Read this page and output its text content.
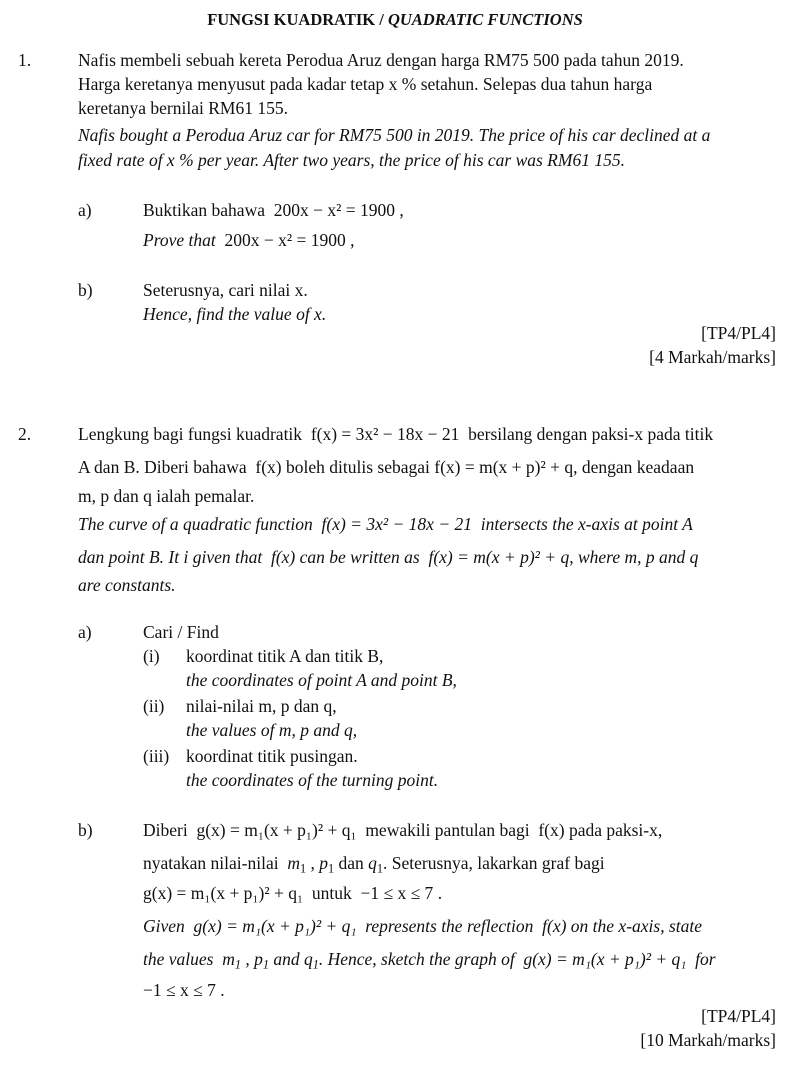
FUNGSI KUADRATIK / QUADRATIC FUNCTIONS
1.	Nafis membeli sebuah kereta Perodua Aruz dengan harga RM75 500 pada tahun 2019.
Harga keretanya menyusut pada kadar tetap x % setahun. Selepas dua tahun harga
keretanya bernilai RM61 155.
Nafis bought a Perodua Aruz car for RM75 500 in 2019. The price of his car declined at a
fixed rate of x % per year. After two years, the price of his car was RM61 155.
a)	Buktikan bahawa 200x − x² = 1900 ,
Prove that 200x − x² = 1900 ,
b)	Seterusnya, cari nilai x.
Hence, find the value of x.
[TP4/PL4]
[4 Markah/marks]
2.	Lengkung bagi fungsi kuadratik f(x) = 3x² − 18x − 21 bersilang dengan paksi-x pada titik
A dan B. Diberi bahawa f(x) boleh ditulis sebagai f(x) = m(x + p)² + q, dengan keadaan
m, p dan q ialah pemalar.
The curve of a quadratic function f(x) = 3x² − 18x − 21 intersects the x-axis at point A
dan point B. It i given that f(x) can be written as f(x) = m(x + p)² + q, where m, p and q
are constants.
a)	Cari / Find
(i) koordinat titik A dan titik B,
the coordinates of point A and point B,
(ii) nilai-nilai m, p dan q,
the values of m, p and q,
(iii) koordinat titik pusingan.
the coordinates of the turning point.
b)	Diberi g(x) = m₁(x + p₁)² + q₁ mewakili pantulan bagi f(x) pada paksi-x,
nyatakan nilai-nilai $m_1$ , $p_1$ dan $q_1$. Seterusnya, lakarkan graf bagi
g(x) = m₁(x + p₁)² + q₁ untuk −1 ≤ x ≤ 7 .
Given g(x) = m₁(x + p₁)² + q₁ represents the reflection f(x) on the x-axis, state
the values $m_1$ , $p_1$ and $q_1$. Hence, sketch the graph of g(x) = m₁(x + p₁)² + q₁ for
−1 ≤ x ≤ 7 .
[TP4/PL4]
[10 Markah/marks]
